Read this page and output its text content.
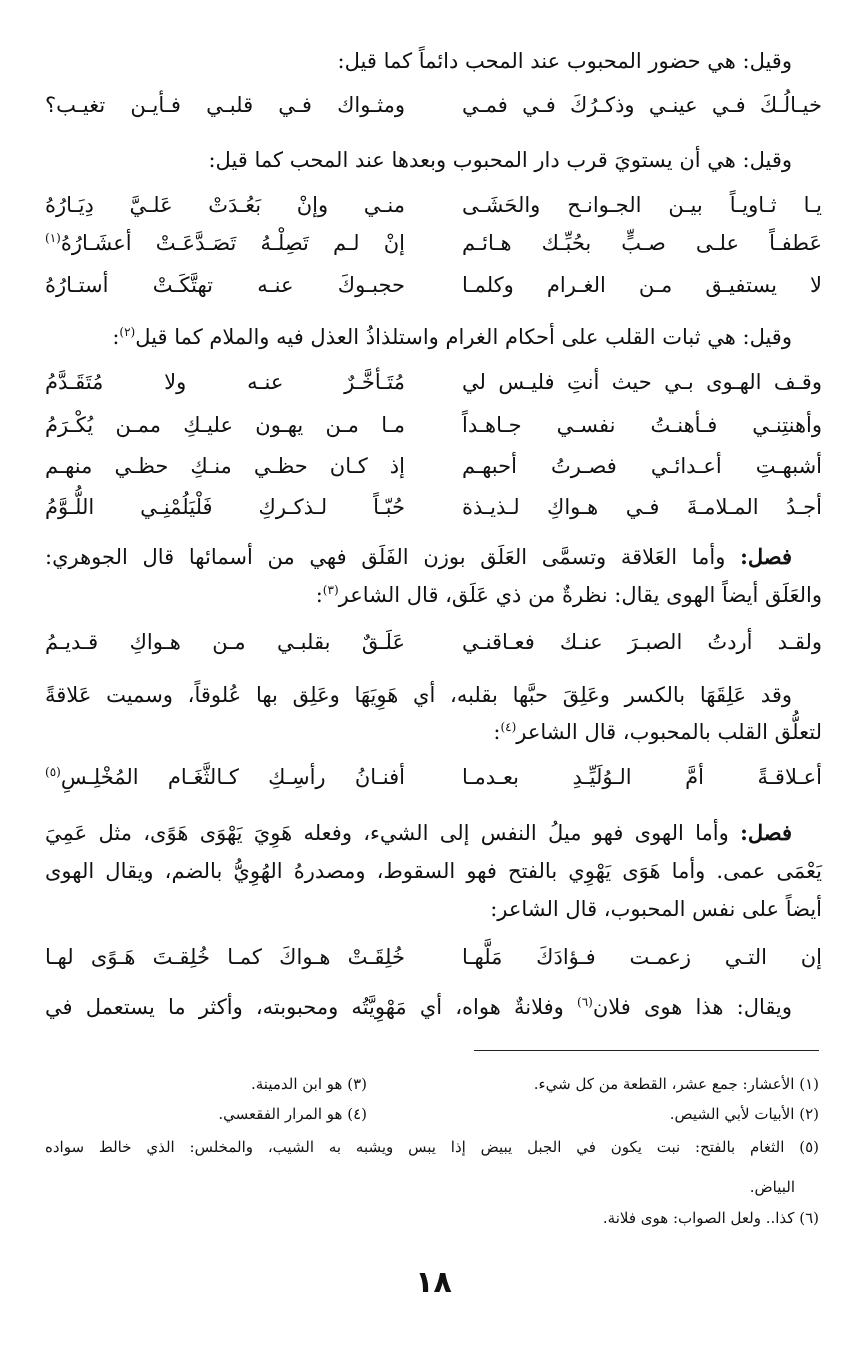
وقيل: هي حضور المحبوب عند المحب دائماً كما قيل:
خيـالُـكَ فـي عينـي وذكـرُكَ فـي فمـي
ومثـواك فـي قلبـي فـأيـن تغيـب؟
وقيل: هي أن يستويَ قرب دار المحبوب وبعدها عند المحب كما قيل:
يـا ثـاويـاً بيـن الجـوانـح والحَشَـى
منـي وإنْ بَعُـدَتْ عَلـيَّ دِيَـارُهُ
عَطفـاً علـى صـبٍّ بحُبِّـك هـائـم
إنْ لـم تَصِلْـهُ تَصَـدَّعَـتْ أعشَـارُهُ$^{(١)}$
لا يستفيـق مـن الغـرام وكلمـا
حجبـوكَ عنـه تهتَّكَـتْ أستـارُهُ
وقيل: هي ثبات القلب على أحكام الغرام واستلذاذُ العذل فيه والملام كما قيل$^{(٢)}$:
وقـف الهـوى بـي حيث أنتِ فليـس لي
مُتَـأخَّـرٌ عنـه ولا مُتَقَـدَّمُ
وأهنتِنـي فـأهنـتُ نفسـي جـاهـداً
مـا مـن يهـون عليـكِ ممـن يُكْـرَمُ
أشبهـتِ أعـدائـي فصـرتُ أحبهـم
إذ كـان حظـي منـكِ حظـي منهـم
أجـدُ المـلامـةَ فـي هـواكِ لـذيـذة
حُبّـاً لـذكـركِ فَلْيَلُمْنِـي اللُّـوَّمُ
فصل: وأما العَلاقة وتسمَّى العَلَق بوزن الفَلَق فهي من أسمائها قال الجوهري:
والعَلَق أيضاً الهوى يقال: نظرةٌ من ذي عَلَق، قال الشاعر$^{(٣)}$:
ولقـد أردتُ الصبـرَ عنـك فعـاقنـي
عَلَـقٌ بقلبـي مـن هـواكِ قـديـمُ
وقد عَلِقَهَا بالكسر وعَلِقَ حبَّها بقلبه، أي هَوِيَهَا وعَلِق بها عُلوقاً، وسميت عَلاقةً
لتعلُّق القلب بالمحبوب، قال الشاعر$^{(٤)}$:
أعـلاقـةً أمَّ الـوُلَيِّـدِ بعـدمـا
أفنـانُ رأسِـكِ كـالثَّغَـام المُخْلِـسِ$^{(٥)}$
فصل: وأما الهوى فهو ميلُ النفس إلى الشيء، وفعله هَوِيَ يَهْوَى هَوًى، مثل عَمِيَ
يَعْمَى عمى. وأما هَوَى يَهْوِي بالفتح فهو السقوط، ومصدرهُ الهُوِيُّ بالضم، ويقال الهوى
أيضاً على نفس المحبوب، قال الشاعر:
إن التـي زعمـت فـؤادَكَ مَلَّهـا
خُلِقَـتْ هـواكَ كمـا خُلِقـتَ هَـوًى لهـا
ويقال: هذا هوى فلان$^{(٦)}$ وفلانةٌ هواه، أي مَهْوِيَّتُه ومحبوبته، وأكثر ما يستعمل في
(١) الأعشار: جمع عشر، القطعة من كل شيء.
(٣) هو ابن الدمينة.
(٢) الأبيات لأبي الشيص.
(٤) هو المرار الفقعسي.
(٥) الثغام بالفتح: نبت يكون في الجبل يبيض إذا يبس ويشبه به الشيب، والمخلس: الذي خالط سواده
البياض.
(٦) كذا.. ولعل الصواب: هوى فلانة.
١٨
